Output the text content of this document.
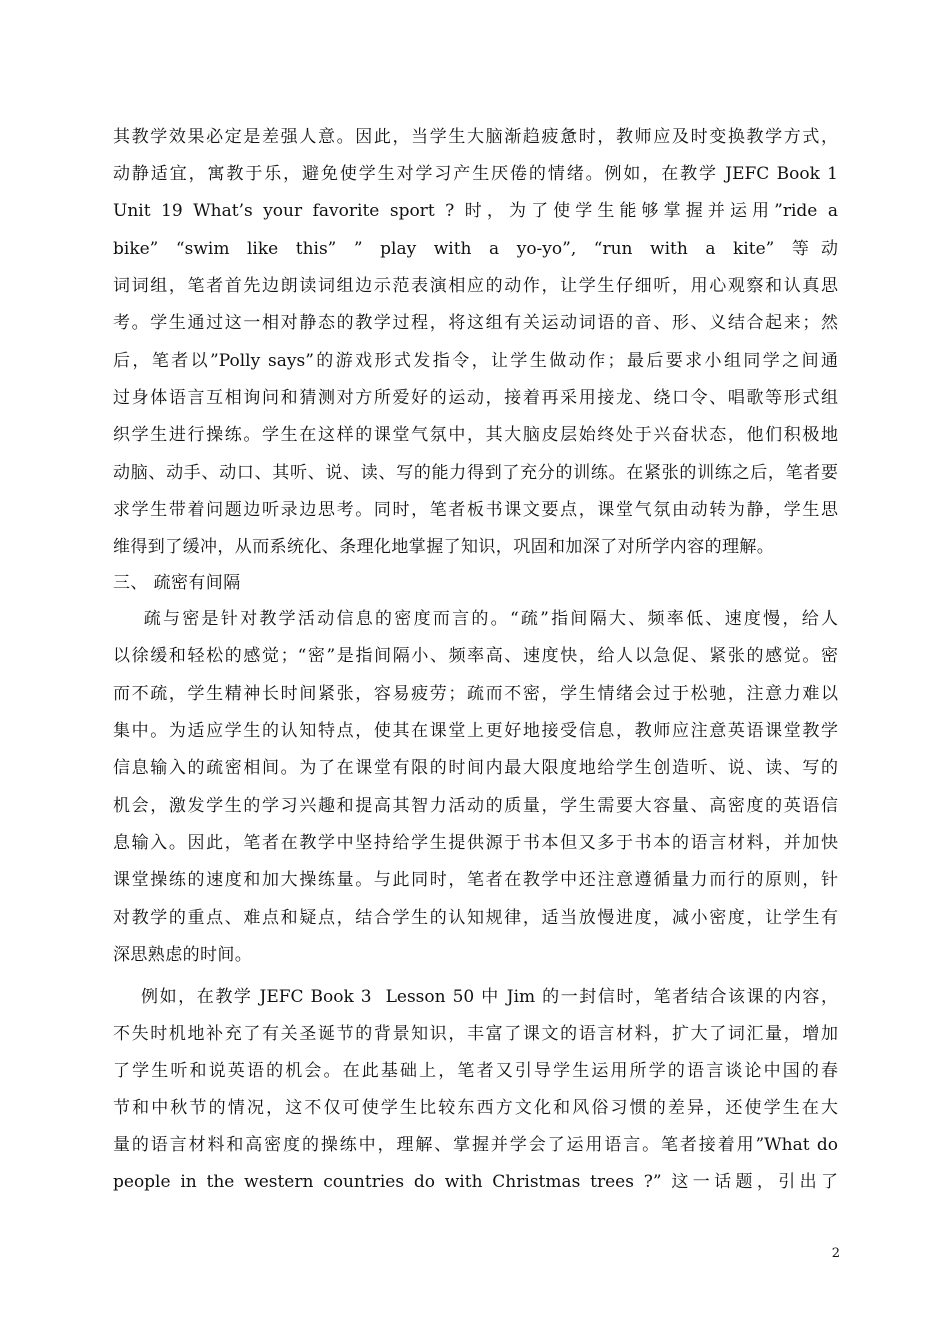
其教学效果必定是差强人意。因此，当学生大脑渐趋疲惫时，教师应及时变换教学方式，
动静适宜，寓教于乐，避免使学生对学习产生厌倦的情绪。例如，在教学 JEFC Book 1
Unit 19 What’s your favorite sport ? 时，为了使学生能够掌握并运用”ride a
bike” “swim like this” ” play with a yo-yo”, “run with a kite” 等动
词词组，笔者首先边朗读词组边示范表演相应的动作，让学生仔细听，用心观察和认真思
考。学生通过这一相对静态的教学过程，将这组有关运动词语的音、形、义结合起来；然
后，笔者以”Polly says”的游戏形式发指令，让学生做动作；最后要求小组同学之间通
过身体语言互相询问和猜测对方所爱好的运动，接着再采用接龙、绕口令、唱歌等形式组
织学生进行操练。学生在这样的课堂气氛中，其大脑皮层始终处于兴奋状态，他们积极地
动脑、动手、动口、其听、说、读、写的能力得到了充分的训练。在紧张的训练之后，笔者要
求学生带着问题边听录边思考。同时，笔者板书课文要点，课堂气氛由动转为静，学生思
维得到了缓冲，从而系统化、条理化地掌握了知识，巩固和加深了对所学内容的理解。
三、 疏密有间隔
疏与密是针对教学活动信息的密度而言的。“疏”指间隔大、频率低、速度慢，给人
以徐缓和轻松的感觉；“密”是指间隔小、频率高、速度快，给人以急促、紧张的感觉。密
而不疏，学生精神长时间紧张，容易疲劳；疏而不密，学生情绪会过于松驰，注意力难以
集中。为适应学生的认知特点，使其在课堂上更好地接受信息，教师应注意英语课堂教学
信息输入的疏密相间。为了在课堂有限的时间内最大限度地给学生创造听、说、读、写的
机会，激发学生的学习兴趣和提高其智力活动的质量，学生需要大容量、高密度的英语信
息输入。因此，笔者在教学中坚持给学生提供源于书本但又多于书本的语言材料，并加快
课堂操练的速度和加大操练量。与此同时，笔者在教学中还注意遵循量力而行的原则，针
对教学的重点、难点和疑点，结合学生的认知规律，适当放慢进度，减小密度，让学生有
深思熟虑的时间。
例如，在教学 JEFC Book 3  Lesson 50 中 Jim 的一封信时，笔者结合该课的内容，
不失时机地补充了有关圣诞节的背景知识，丰富了课文的语言材料，扩大了词汇量，增加
了学生听和说英语的机会。在此基础上，笔者又引导学生运用所学的语言谈论中国的春
节和中秋节的情况，这不仅可使学生比较东西方文化和风俗习惯的差异，还使学生在大
量的语言材料和高密度的操练中，理解、掌握并学会了运用语言。笔者接着用”What do
people in the western countries do with Christmas trees ?” 这一话题，引出了
2
